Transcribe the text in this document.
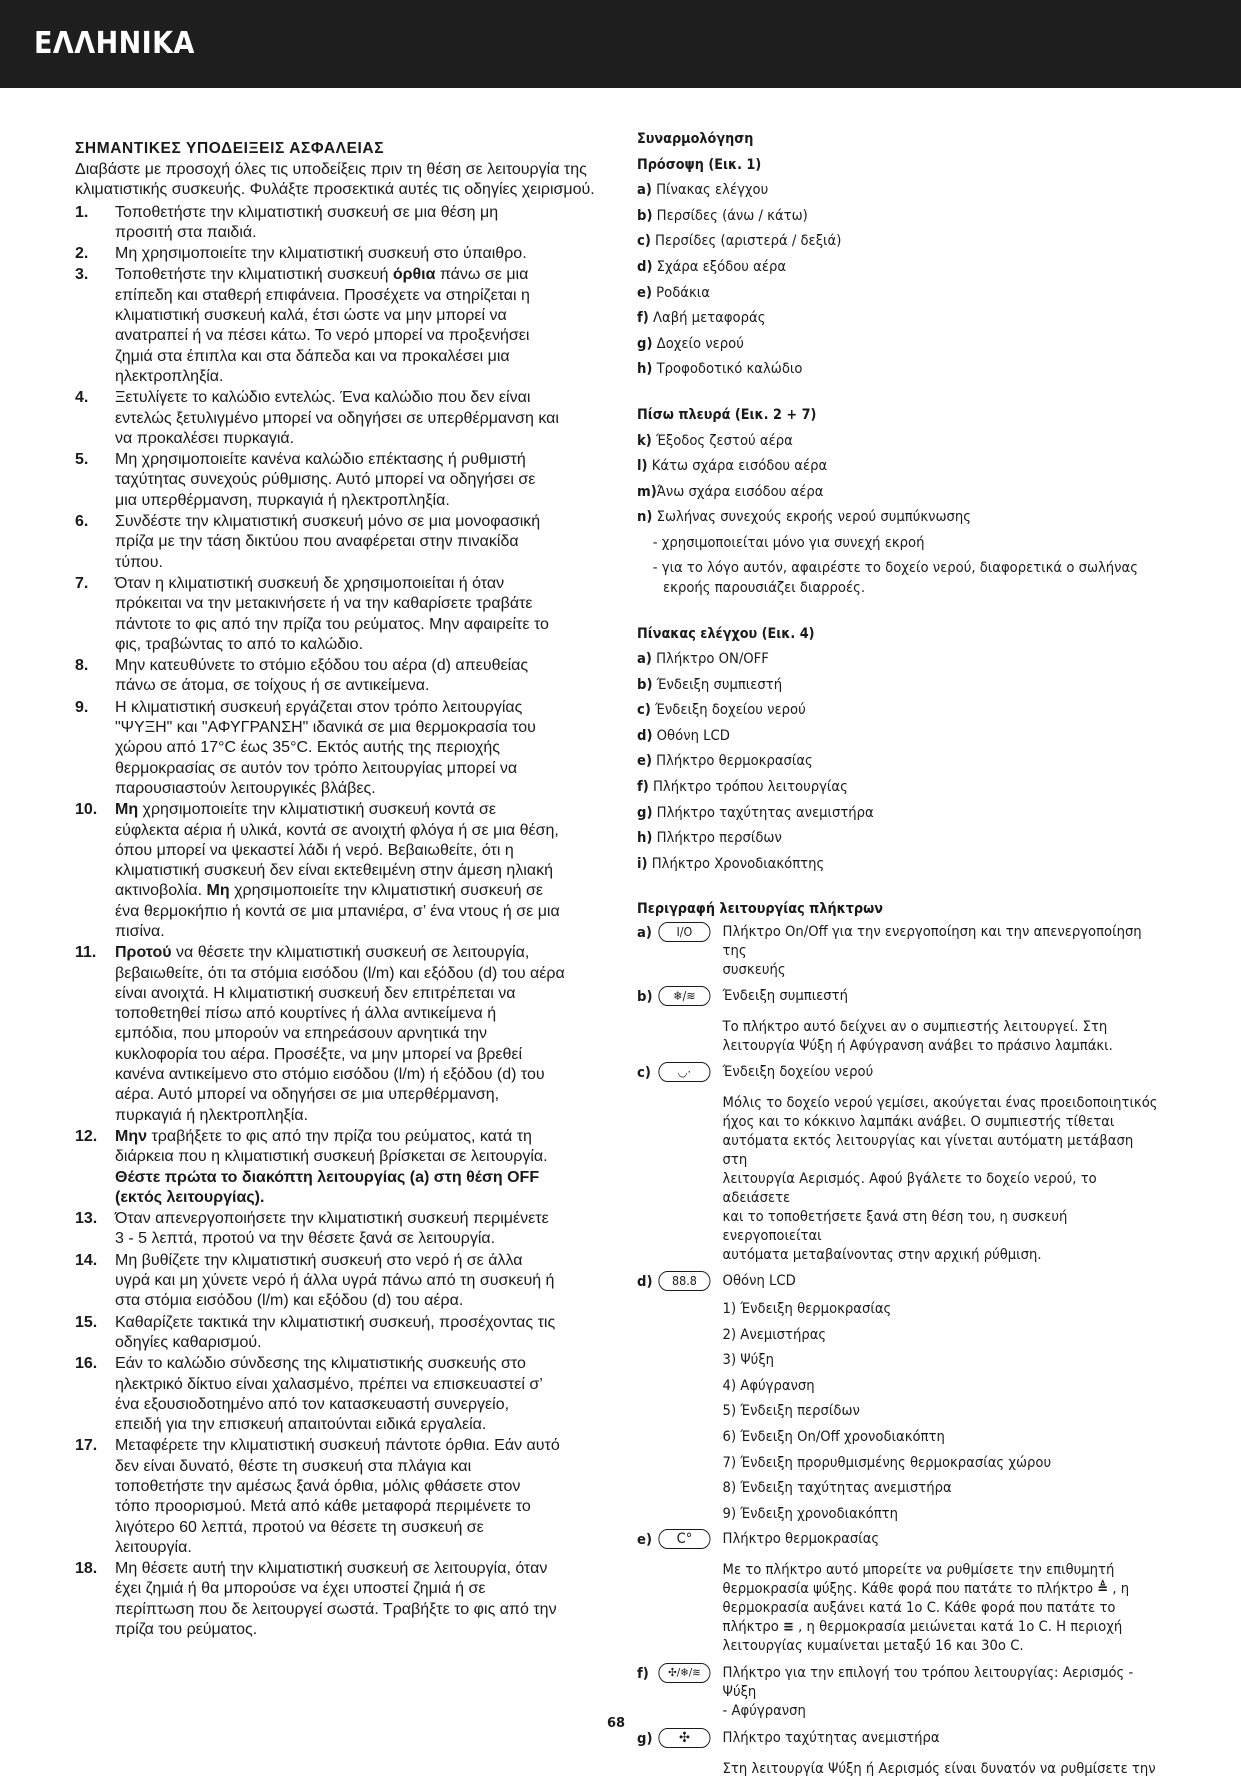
ΕΛΛΗΝΙΚΑ
ΣΗΜΑΝΤΙΚΕΣ ΥΠΟΔΕΙΞΕΙΣ ΑΣΦΑΛΕΙΑΣ
Διαβάστε με προσοχή όλες τις υποδείξεις πριν τη θέση σε λειτουργία της κλιματιστικής συσκευής. Φυλάξτε προσεκτικά αυτές τις οδηγίες χειρισμού.
1. Τοποθετήστε την κλιματιστική συσκευή σε μια θέση μη
προσιτή στα παιδιά.
2. Μη χρησιμοποιείτε την κλιματιστική συσκευή στο ύπαιθρο.
3. Τοποθετήστε την κλιματιστική συσκευή όρθια πάνω σε μια
επίπεδη και σταθερή επιφάνεια. Προσέχετε να στηρίζεται η
κλιματιστική συσκευή καλά, έτσι ώστε να μην μπορεί να
ανατραπεί ή να πέσει κάτω. Το νερό μπορεί να προξενήσει
ζημιά στα έπιπλα και στα δάπεδα και να προκαλέσει μια
ηλεκτροπληξία.
4. Ξετυλίγετε το καλώδιο εντελώς. Ένα καλώδιο που δεν είναι
εντελώς ξετυλιγμένο μπορεί να οδηγήσει σε υπερθέρμανση και
να προκαλέσει πυρκαγιά.
5. Μη χρησιμοποιείτε κανένα καλώδιο επέκτασης ή ρυθμιστή
ταχύτητας συνεχούς ρύθμισης. Αυτό μπορεί να οδηγήσει σε
μια υπερθέρμανση, πυρκαγιά ή ηλεκτροπληξία.
6. Συνδέστε την κλιματιστική συσκευή μόνο σε μια μονοφασική
πρίζα με την τάση δικτύου που αναφέρεται στην πινακίδα
τύπου.
7. Όταν η κλιματιστική συσκευή δε χρησιμοποιείται ή όταν
πρόκειται να την μετακινήσετε ή να την καθαρίσετε τραβάτε
πάντοτε το φις από την πρίζα του ρεύματος. Μην αφαιρείτε το
φις, τραβώντας το από το καλώδιο.
8. Μην κατευθύνετε το στόμιο εξόδου του αέρα (d) απευθείας
πάνω σε άτομα, σε τοίχους ή σε αντικείμενα.
9. Η κλιματιστική συσκευή εργάζεται στον τρόπο λειτουργίας
"ΨΥΞΗ" και "ΑΦΥΓΡΑΝΣΗ" ιδανικά σε μια θερμοκρασία του
χώρου από 17°C έως 35°C. Εκτός αυτής της περιοχής
θερμοκρασίας σε αυτόν τον τρόπο λειτουργίας μπορεί να
παρουσιαστούν λειτουργικές βλάβες.
10. Μη χρησιμοποιείτε την κλιματιστική συσκευή κοντά σε
εύφλεκτα αέρια ή υλικά, κοντά σε ανοιχτή φλόγα ή σε μια θέση,
όπου μπορεί να ψεκαστεί λάδι ή νερό. Βεβαιωθείτε, ότι η
κλιματιστική συσκευή δεν είναι εκτεθειμένη στην άμεση ηλιακή
ακτινοβολία. Μη χρησιμοποιείτε την κλιματιστική συσκευή σε
ένα θερμοκήπιο ή κοντά σε μια μπανιέρα, σ’ ένα ντους ή σε μια
πισίνα.
11. Προτού να θέσετε την κλιματιστική συσκευή σε λειτουργία,
βεβαιωθείτε, ότι τα στόμια εισόδου (l/m) και εξόδου (d) του αέρα
είναι ανοιχτά. Η κλιματιστική συσκευή δεν επιτρέπεται να
τοποθετηθεί πίσω από κουρτίνες ή άλλα αντικείμενα ή
εμπόδια, που μπορούν να επηρεάσουν αρνητικά την
κυκλοφορία του αέρα. Προσέξτε, να μην μπορεί να βρεθεί
κανένα αντικείμενο στο στόμιο εισόδου (l/m) ή εξόδου (d) του
αέρα. Αυτό μπορεί να οδηγήσει σε μια υπερθέρμανση,
πυρκαγιά ή ηλεκτροπληξία.
12. Μην τραβήξετε το φις από την πρίζα του ρεύματος, κατά τη
διάρκεια που η κλιματιστική συσκευή βρίσκεται σε λειτουργία.
Θέστε πρώτα το διακόπτη λειτουργίας (a) στη θέση OFF
(εκτός λειτουργίας).
13. Όταν απενεργοποιήσετε την κλιματιστική συσκευή περιμένετε
3 - 5 λεπτά, προτού να την θέσετε ξανά σε λειτουργία.
14. Μη βυθίζετε την κλιματιστική συσκευή στο νερό ή σε άλλα
υγρά και μη χύνετε νερό ή άλλα υγρά πάνω από τη συσκευή ή
στα στόμια εισόδου (l/m) και εξόδου (d) του αέρα.
15. Καθαρίζετε τακτικά την κλιματιστική συσκευή, προσέχοντας τις
οδηγίες καθαρισμού.
16. Εάν το καλώδιο σύνδεσης της κλιματιστικής συσκευής στο
ηλεκτρικό δίκτυο είναι χαλασμένο, πρέπει να επισκευαστεί σ’
ένα εξουσιοδοτημένο από τον κατασκευαστή συνεργείο,
επειδή για την επισκευή απαιτούνται ειδικά εργαλεία.
17. Μεταφέρετε την κλιματιστική συσκευή πάντοτε όρθια. Εάν αυτό
δεν είναι δυνατό, θέστε τη συσκευή στα πλάγια και
τοποθετήστε την αμέσως ξανά όρθια, μόλις φθάσετε στον
τόπο προορισμού. Μετά από κάθε μεταφορά περιμένετε το
λιγότερο 60 λεπτά, προτού να θέσετε τη συσκευή σε
λειτουργία.
18. Μη θέσετε αυτή την κλιματιστική συσκευή σε λειτουργία, όταν
έχει ζημιά ή θα μπορούσε να έχει υποστεί ζημιά ή σε
περίπτωση που δε λειτουργεί σωστά. Τραβήξτε το φις από την
πρίζα του ρεύματος.
Συναρμολόγηση
Πρόσοψη (Εικ. 1)
a) Πίνακας ελέγχου
b) Περσίδες (άνω / κάτω)
c) Περσίδες (αριστερά / δεξιά)
d) Σχάρα εξόδου αέρα
e) Ροδάκια
f) Λαβή μεταφοράς
g) Δοχείο νερού
h) Τροφοδοτικό καλώδιο
Πίσω πλευρά (Εικ. 2 + 7)
k) Έξοδος ζεστού αέρα
l) Κάτω σχάρα εισόδου αέρα
m)Άνω σχάρα εισόδου αέρα
n) Σωλήνας συνεχούς εκροής νερού συμπύκνωσης
- χρησιμοποιείται μόνο για συνεχή εκροή
- για το λόγο αυτόν, αφαιρέστε το δοχείο νερού, διαφορετικά ο σωλήνας
εκροής παρουσιάζει διαρροές.
Πίνακας ελέγχου (Εικ. 4)
a) Πλήκτρο ON/OFF
b) Ένδειξη συμπιεστή
c) Ένδειξη δοχείου νερού
d) Οθόνη LCD
e) Πλήκτρο θερμοκρασίας
f) Πλήκτρο τρόπου λειτουργίας
g) Πλήκτρο ταχύτητας ανεμιστήρα
h) Πλήκτρο περσίδων
i) Πλήκτρο Χρονοδιακόπτης
Περιγραφή λειτουργίας πλήκτρων
a)	I/O	Πλήκτρο On/Off για την ενεργοποίηση και την απενεργοποίηση της
συσκευής
b)	❄/≋	Ένδειξη συμπιεστή
Το πλήκτρο αυτό δείχνει αν ο συμπιεστής λειτουργεί. Στη
λειτουργία Ψύξη ή Αφύγρανση ανάβει το πράσινο λαμπάκι.
c)	◡·	Ένδειξη δοχείου νερού
Μόλις το δοχείο νερού γεμίσει, ακούγεται ένας προειδοποιητικός
ήχος και το κόκκινο λαμπάκι ανάβει. Ο συμπιεστής τίθεται
αυτόματα εκτός λειτουργίας και γίνεται αυτόματη μετάβαση στη
λειτουργία Αερισμός. Αφού βγάλετε το δοχείο νερού, το αδειάσετε
και το τοποθετήσετε ξανά στη θέση του, η συσκευή ενεργοποιείται
αυτόματα μεταβαίνοντας στην αρχική ρύθμιση.
d)	88.8	Οθόνη LCD
1) Ένδειξη θερμοκρασίας
2) Ανεμιστήρας
3) Ψύξη
4) Αφύγρανση
5) Ένδειξη περσίδων
6) Ένδειξη On/Off χρονοδιακόπτη
7) Ένδειξη προρυθμισμένης θερμοκρασίας χώρου
8) Ένδειξη ταχύτητας ανεμιστήρα
9) Ένδειξη χρονοδιακόπτη
e)	C°	Πλήκτρο θερμοκρασίας
Με το πλήκτρο αυτό μπορείτε να ρυθμίσετε την επιθυμητή
θερμοκρασία ψύξης. Κάθε φορά που πατάτε το πλήκτρο ≜ , η
θερμοκρασία αυξάνει κατά 1o C. Κάθε φορά που πατάτε το
πλήκτρο ≡ , η θερμοκρασία μειώνεται κατά 1o C. Η περιοχή
λειτουργίας κυμαίνεται μεταξύ 16 και 30o C.
f)	✣/❄/≋	Πλήκτρο για την επιλογή του τρόπου λειτουργίας: Αερισμός - Ψύξη
- Αφύγρανση
g)	✣	Πλήκτρο ταχύτητας ανεμιστήρα
Στη λειτουργία Ψύξη ή Αερισμός είναι δυνατόν να ρυθμίσετε την
68
